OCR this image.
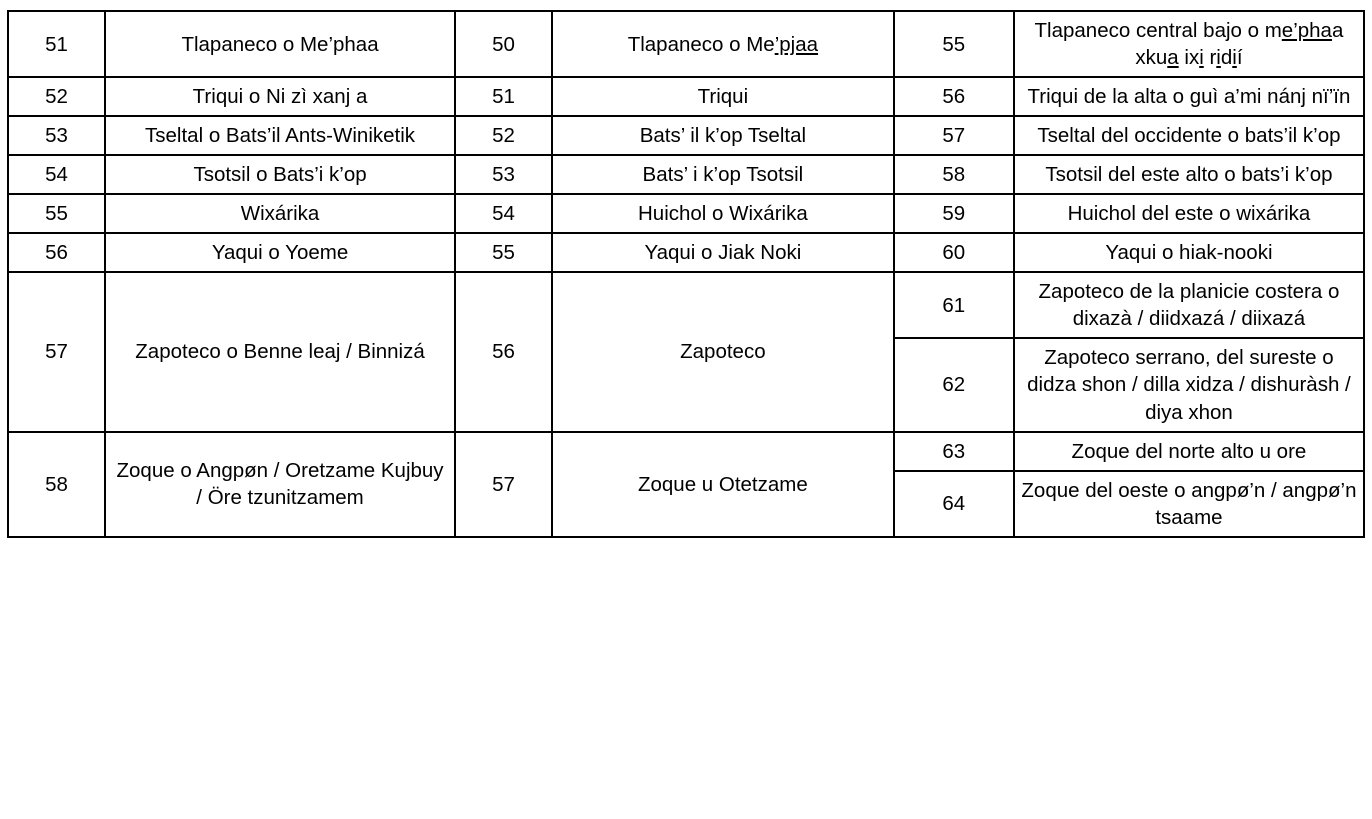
51	Tlapaneco o Me’phaa	50	Tlapaneco o Me’pjaa	55	Tlapaneco central bajo o me’phaa xkua ixi ridií
52	Triqui o Ni zì xanj a	51	Triqui	56	Triqui de la alta o guì a’mi nánj nï’ïn
53	Tseltal o Bats’il Ants-Winiketik	52	Bats’ il k’op Tseltal	57	Tseltal del occidente o bats’il k’op
54	Tsotsil o Bats’i k’op	53	Bats’ i k’op Tsotsil	58	Tsotsil del este alto o bats’i k’op
55	Wixárika	54	Huichol o Wixárika	59	Huichol del este o wixárika
56	Yaqui o Yoeme	55	Yaqui o Jiak Noki	60	Yaqui o hiak-nooki
57	Zapoteco o Benne leaj / Binnizá	56	Zapoteco	61	Zapoteco de la planicie costera o dixazà / diidxazá / diixazá
				62	Zapoteco serrano, del sureste o didza shon / dilla xidza / dishuràsh / diya xhon
58	Zoque o Angpøn / Oretzame Kujbuy / Öre tzunitzamem	57	Zoque u Otetzame	63	Zoque del norte alto u ore
				64	Zoque del oeste o angpø’n / angpø’n tsaame
